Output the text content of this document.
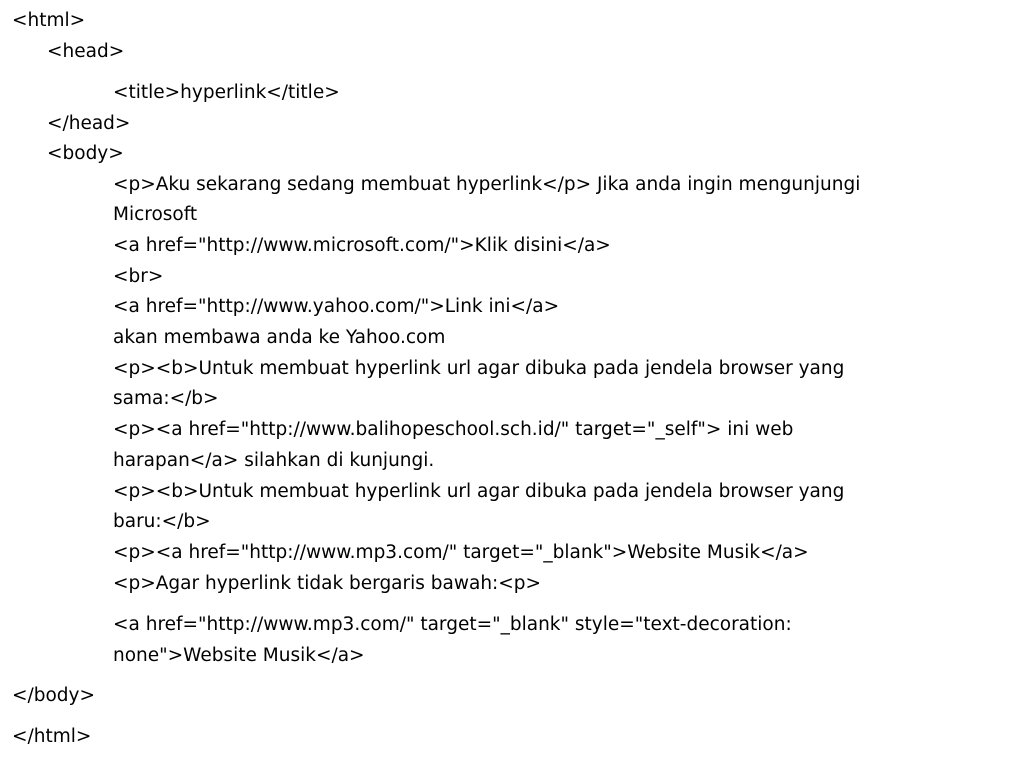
<html>
<head>
<title>hyperlink</title>
</head>
<body>
<p>Aku sekarang sedang membuat hyperlink</p> Jika anda ingin mengunjungi
Microsoft
<a href="http://www.microsoft.com/">Klik disini</a>
<br>
<a href="http://www.yahoo.com/">Link ini</a>
akan membawa anda ke Yahoo.com
<p><b>Untuk membuat hyperlink url agar dibuka pada jendela browser yang
sama:</b>
<p><a href="http://www.balihopeschool.sch.id/" target="_self"> ini web
harapan</a> silahkan di kunjungi.
<p><b>Untuk membuat hyperlink url agar dibuka pada jendela browser yang
baru:</b>
<p><a href="http://www.mp3.com/" target="_blank">Website Musik</a>
<p>Agar hyperlink tidak bergaris bawah:<p>
<a href="http://www.mp3.com/" target="_blank" style="text-decoration:
none">Website Musik</a>
</body>
</html>
